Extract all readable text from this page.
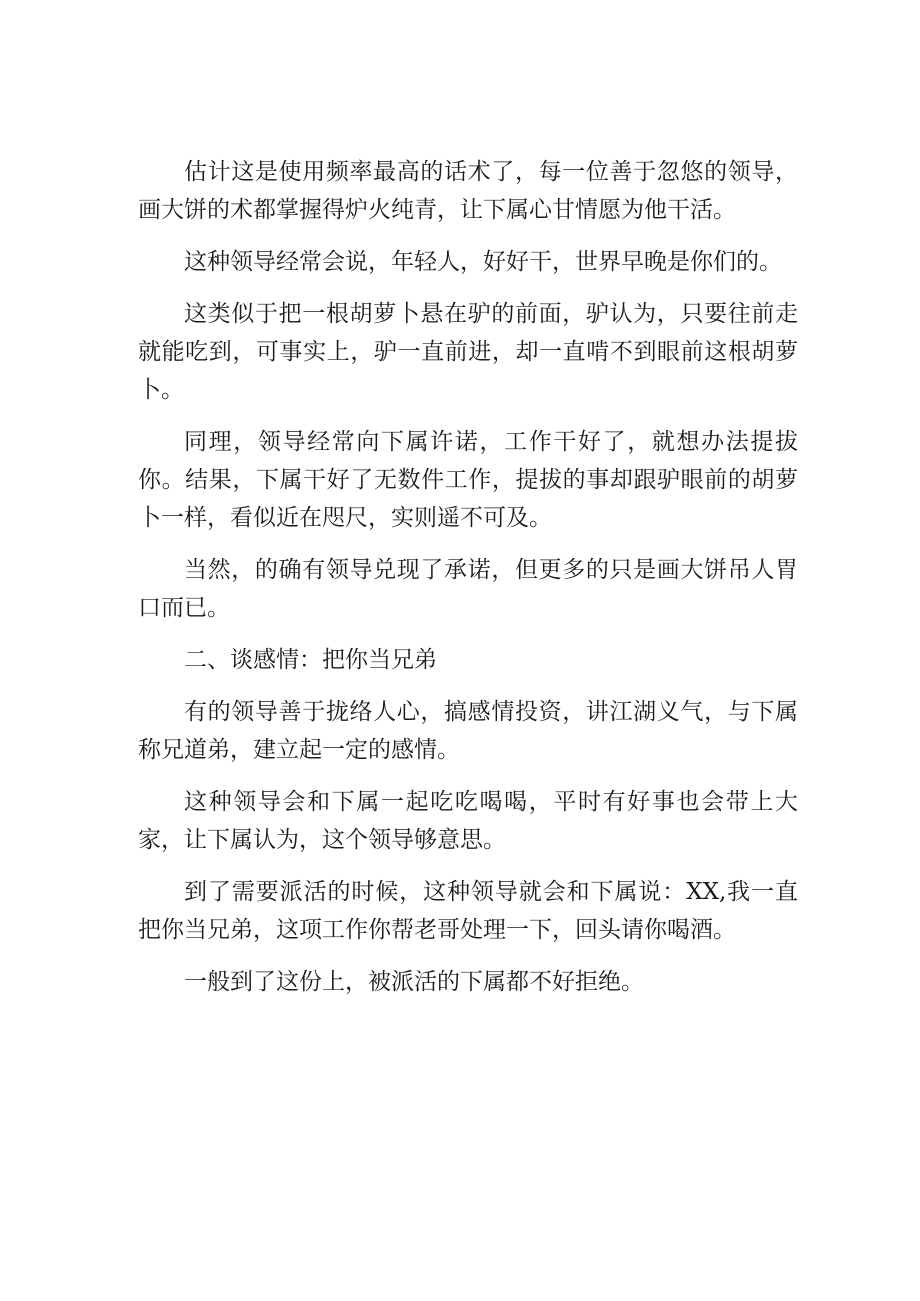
估计这是使用频率最高的话术了，每一位善于忽悠的领导，画大饼的术都掌握得炉火纯青，让下属心甘情愿为他干活。

这种领导经常会说，年轻人，好好干，世界早晚是你们的。

这类似于把一根胡萝卜悬在驴的前面，驴认为，只要往前走就能吃到，可事实上，驴一直前进，却一直啃不到眼前这根胡萝卜。

同理，领导经常向下属许诺，工作干好了，就想办法提拔你。结果，下属干好了无数件工作，提拔的事却跟驴眼前的胡萝卜一样，看似近在咫尺，实则遥不可及。

当然，的确有领导兑现了承诺，但更多的只是画大饼吊人胃口而已。

二、谈感情：把你当兄弟

有的领导善于拢络人心，搞感情投资，讲江湖义气，与下属称兄道弟，建立起一定的感情。

这种领导会和下属一起吃吃喝喝，平时有好事也会带上大家，让下属认为，这个领导够意思。

到了需要派活的时候，这种领导就会和下属说：XX,我一直把你当兄弟，这项工作你帮老哥处理一下，回头请你喝酒。

一般到了这份上，被派活的下属都不好拒绝。
